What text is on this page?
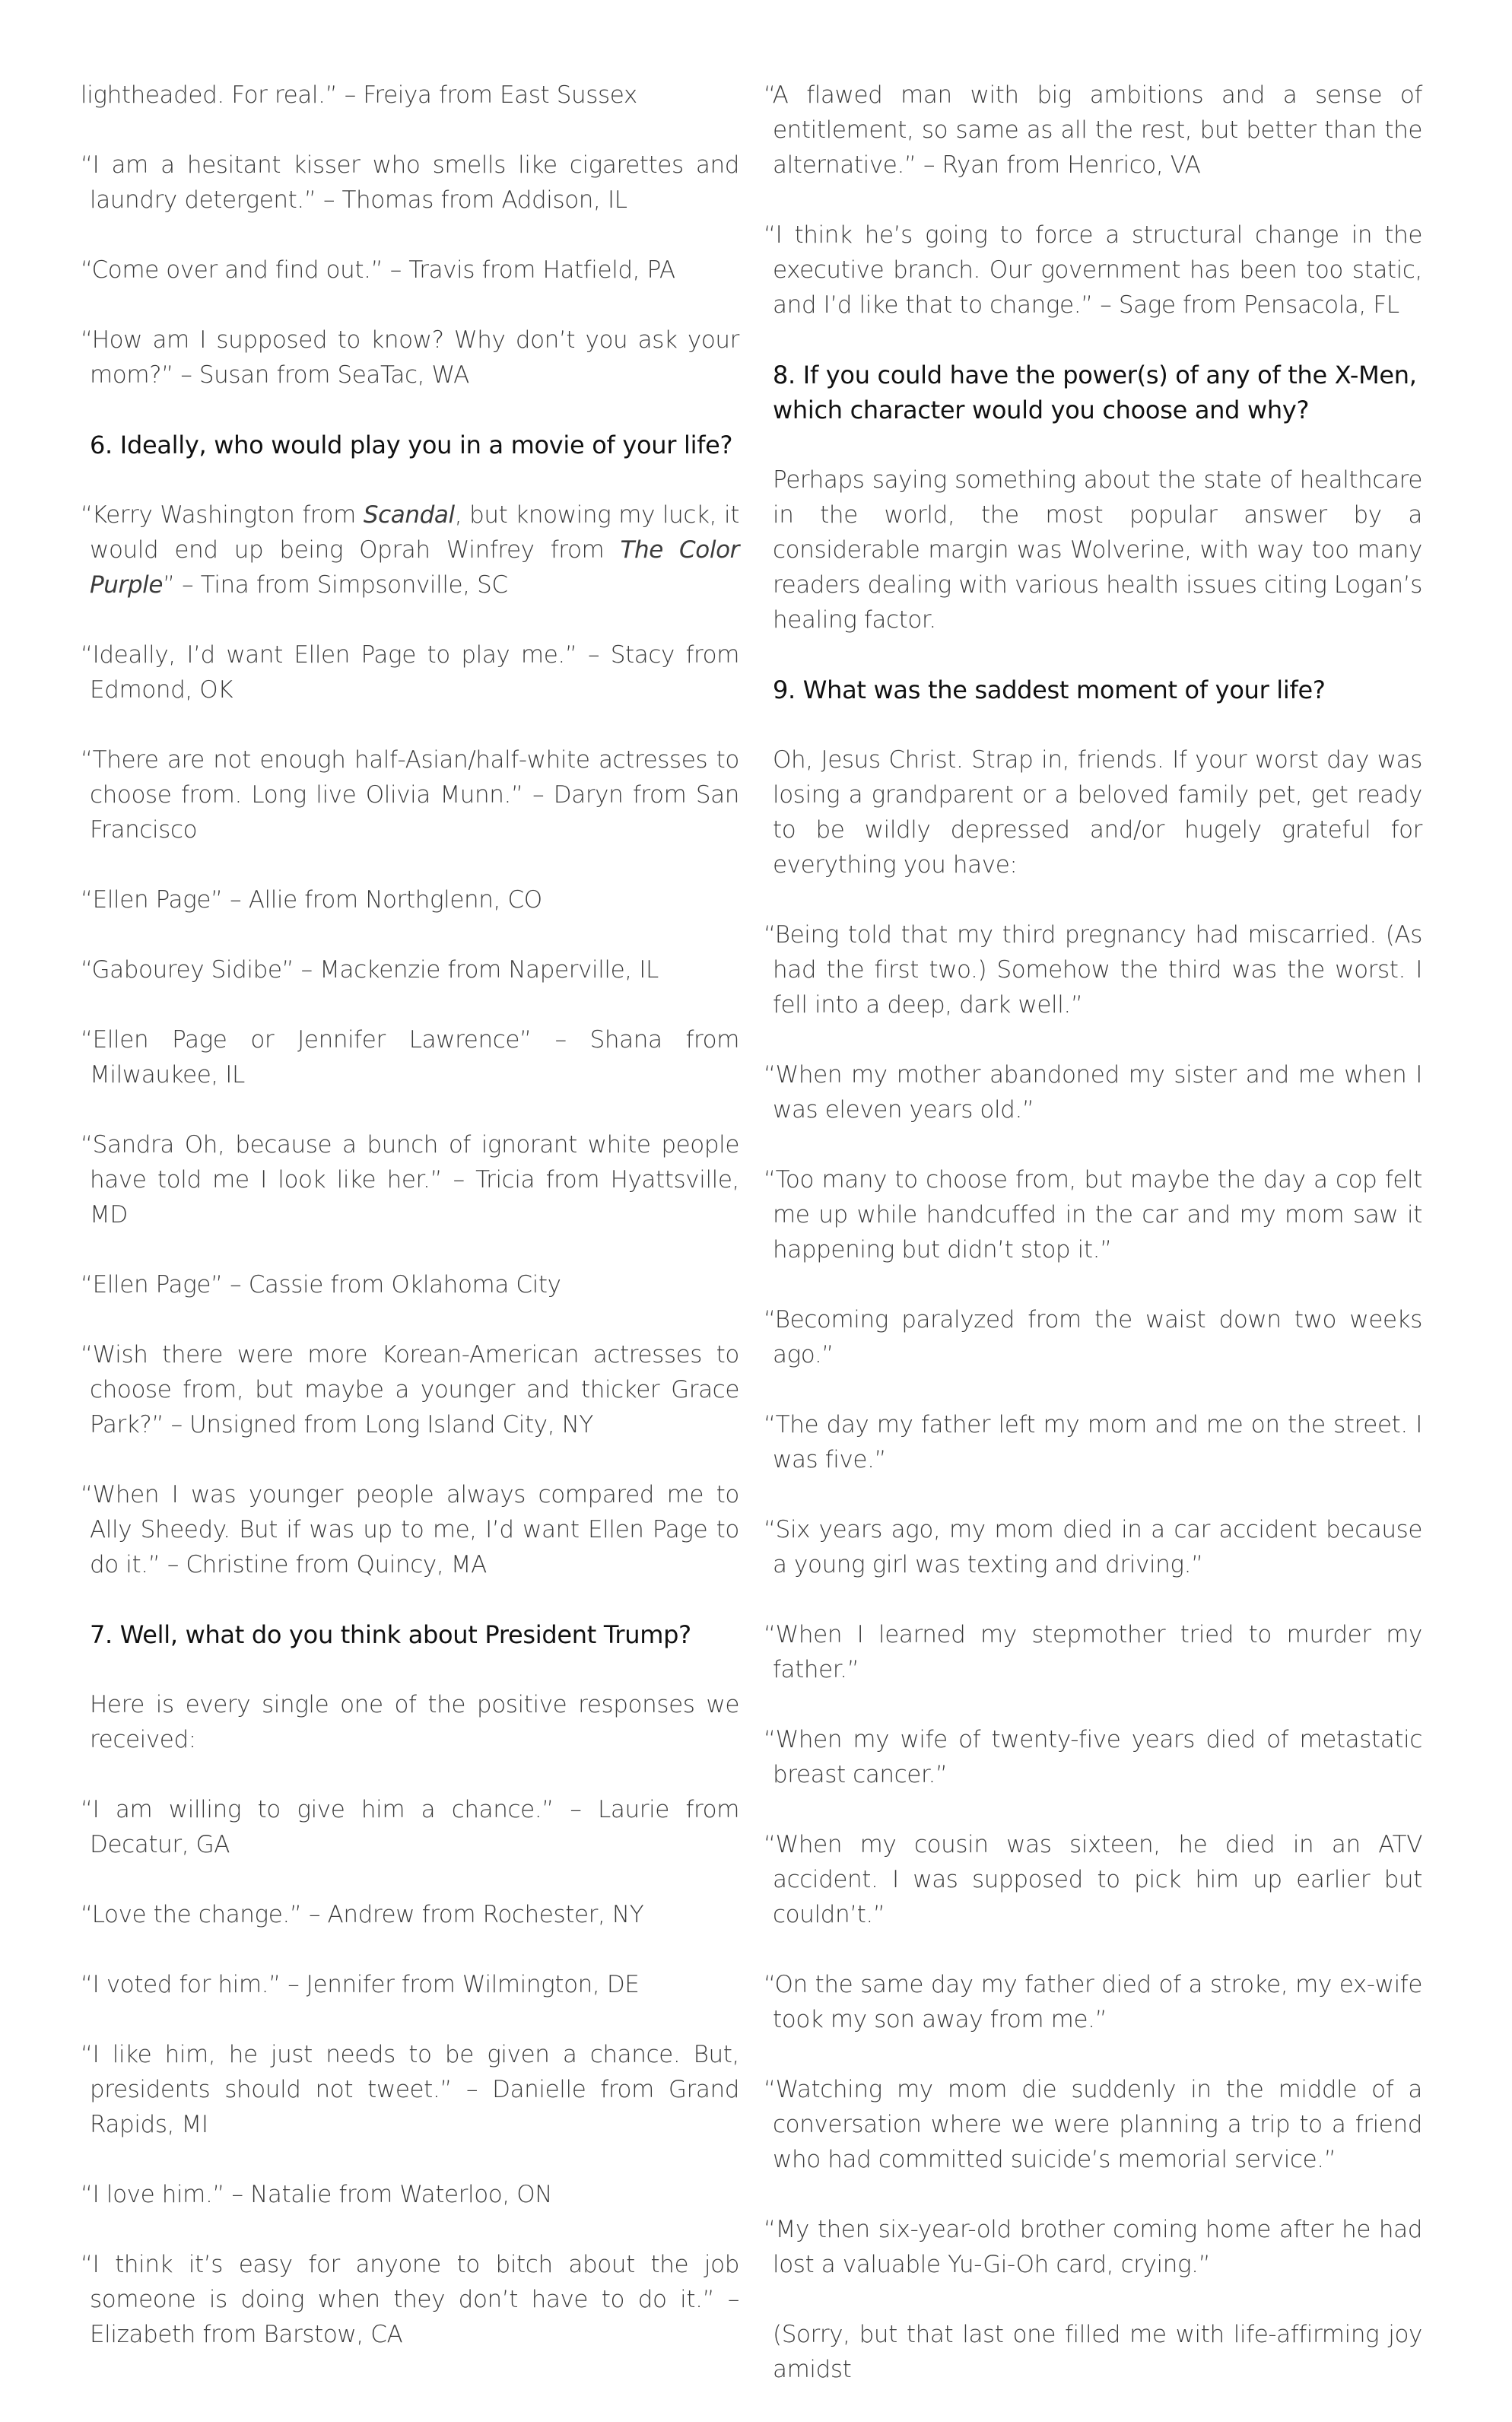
lightheaded. For real.” – Freiya from East Sussex
“I am a hesitant kisser who smells like cigarettes and laundry detergent.” – Thomas from Addison, IL
“Come over and find out.” – Travis from Hatfield, PA
“How am I supposed to know? Why don’t you ask your mom?” – Susan from SeaTac, WA
6. Ideally, who would play you in a movie of your life?
“Kerry Washington from Scandal, but knowing my luck, it would end up being Oprah Winfrey from The Color Purple” – Tina from Simpsonville, SC
“Ideally, I’d want Ellen Page to play me.” – Stacy from Edmond, OK
“There are not enough half-Asian/half-white actresses to choose from. Long live Olivia Munn.” – Daryn from San Francisco
“Ellen Page” – Allie from Northglenn, CO
“Gabourey Sidibe” – Mackenzie from Naperville, IL
“Ellen Page or Jennifer Lawrence” – Shana from Milwaukee, IL
“Sandra Oh, because a bunch of ignorant white people have told me I look like her.” – Tricia from Hyattsville, MD
“Ellen Page” – Cassie from Oklahoma City
“Wish there were more Korean-American actresses to choose from, but maybe a younger and thicker Grace Park?” – Unsigned from Long Island City, NY
“When I was younger people always compared me to Ally Sheedy. But if was up to me, I’d want Ellen Page to do it.” – Christine from Quincy, MA
7. Well, what do you think about President Trump?
Here is every single one of the positive responses we received:
“I am willing to give him a chance.” – Laurie from Decatur, GA
“Love the change.” – Andrew from Rochester, NY
“I voted for him.” – Jennifer from Wilmington, DE
“I like him, he just needs to be given a chance. But, presidents should not tweet.” – Danielle from Grand Rapids, MI
“I love him.” – Natalie from Waterloo, ON
“I think it’s easy for anyone to bitch about the job someone is doing when they don’t have to do it.” – Elizabeth from Barstow, CA
“A flawed man with big ambitions and a sense of entitlement, so same as all the rest, but better than the alternative.” – Ryan from Henrico, VA
“I think he’s going to force a structural change in the executive branch. Our government has been too static, and I’d like that to change.” – Sage from Pensacola, FL
8. If you could have the power(s) of any of the X-Men, which character would you choose and why?
Perhaps saying something about the state of healthcare in the world, the most popular answer by a considerable margin was Wolverine, with way too many readers dealing with various health issues citing Logan’s healing factor.
9. What was the saddest moment of your life?
Oh, Jesus Christ. Strap in, friends. If your worst day was losing a grandparent or a beloved family pet, get ready to be wildly depressed and/or hugely grateful for everything you have:
“Being told that my third pregnancy had miscarried. (As had the first two.) Somehow the third was the worst. I fell into a deep, dark well.”
“When my mother abandoned my sister and me when I was eleven years old.”
“Too many to choose from, but maybe the day a cop felt me up while handcuffed in the car and my mom saw it happening but didn’t stop it.”
“Becoming paralyzed from the waist down two weeks ago.”
“The day my father left my mom and me on the street. I was five.”
“Six years ago, my mom died in a car accident because a young girl was texting and driving.”
“When I learned my stepmother tried to murder my father.”
“When my wife of twenty-five years died of metastatic breast cancer.”
“When my cousin was sixteen, he died in an ATV accident. I was supposed to pick him up earlier but couldn’t.”
“On the same day my father died of a stroke, my ex-wife took my son away from me.”
“Watching my mom die suddenly in the middle of a conversation where we were planning a trip to a friend who had committed suicide’s memorial service.”
“My then six-year-old brother coming home after he had lost a valuable Yu-Gi-Oh card, crying.”
(Sorry, but that last one filled me with life-affirming joy amidst
